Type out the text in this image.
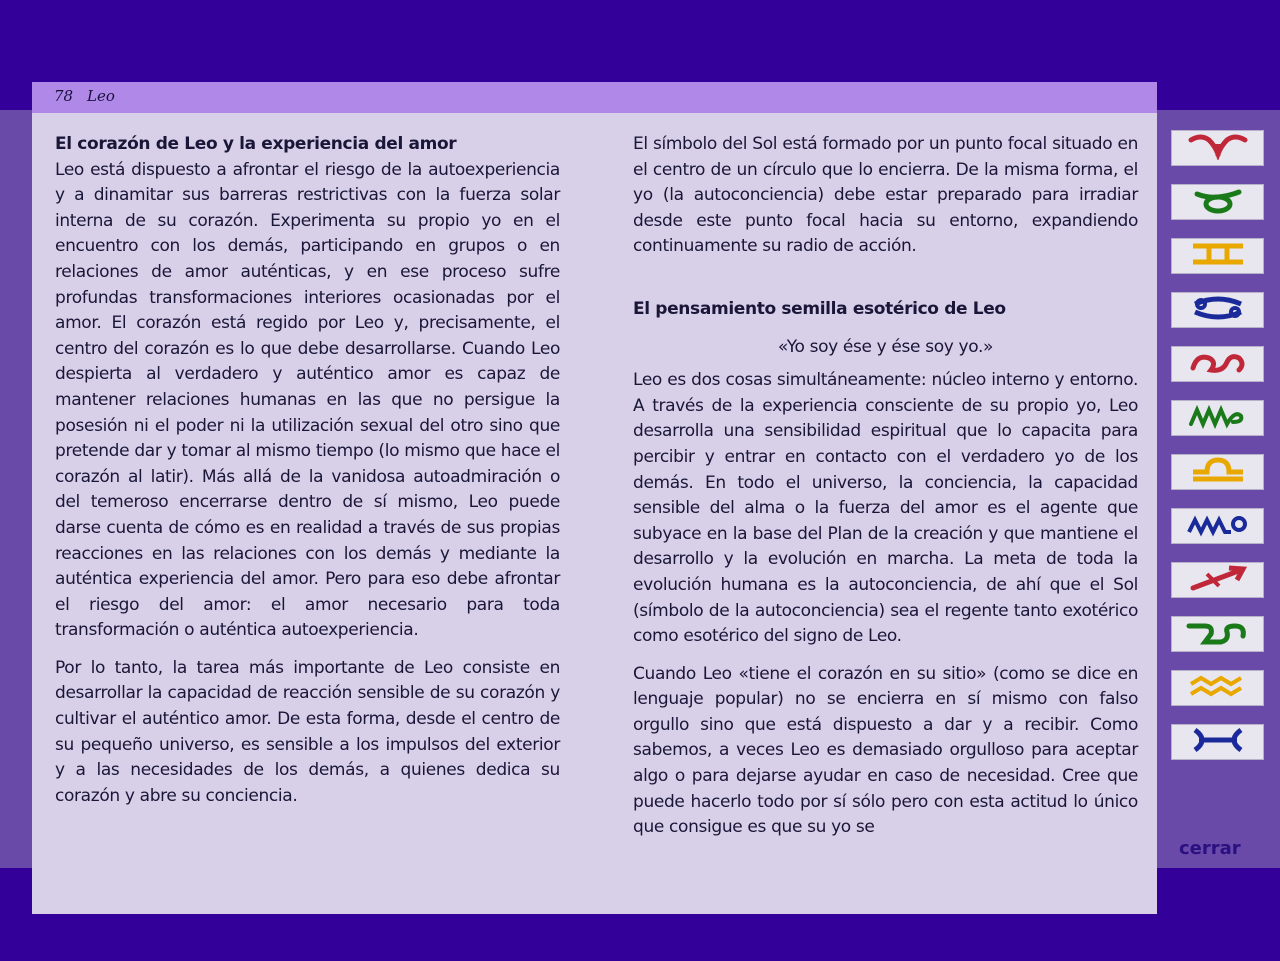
78 Leo
El corazón de Leo y la experiencia del amor

Leo está dispuesto a afrontar el riesgo de la autoexperiencia y a dinamitar sus barreras restrictivas con la fuerza solar interna de su corazón. Experimenta su propio yo en el encuentro con los demás, participando en grupos o en relaciones de amor auténticas, y en ese proceso sufre profundas transformaciones interiores ocasionadas por el amor. El corazón está regido por Leo y, precisamente, el centro del corazón es lo que debe desarrollarse. Cuando Leo despierta al verdadero y auténtico amor es capaz de mantener relaciones humanas en las que no persigue la posesión ni el poder ni la utilización sexual del otro sino que pretende dar y tomar al mismo tiempo (lo mismo que hace el corazón al latir). Más allá de la vanidosa autoadmiración o del temeroso encerrarse dentro de sí mismo, Leo puede darse cuenta de cómo es en realidad a través de sus propias reacciones en las relaciones con los demás y mediante la auténtica experiencia del amor. Pero para eso debe afrontar el riesgo del amor: el amor necesario para toda transformación o auténtica autoexperiencia.

Por lo tanto, la tarea más importante de Leo consiste en desarrollar la capacidad de reacción sensible de su corazón y cultivar el auténtico amor. De esta forma, desde el centro de su pequeño universo, es sensible a los impulsos del exterior y a las necesidades de los demás, a quienes dedica su corazón y abre su conciencia.

El símbolo del Sol está formado por un punto focal situado en el centro de un círculo que lo encierra. De la misma forma, el yo (la autoconciencia) debe estar preparado para irradiar desde este punto focal hacia su entorno, expandiendo continuamente su radio de acción.

El pensamiento semilla esotérico de Leo

«Yo soy ése y ése soy yo.»

Leo es dos cosas simultáneamente: núcleo interno y entorno. A través de la experiencia consciente de su propio yo, Leo desarrolla una sensibilidad espiritual que lo capacita para percibir y entrar en contacto con el verdadero yo de los demás. En todo el universo, la conciencia, la capacidad sensible del alma o la fuerza del amor es el agente que subyace en la base del Plan de la creación y que mantiene el desarrollo y la evolución en marcha. La meta de toda la evolución humana es la autoconciencia, de ahí que el Sol (símbolo de la autoconciencia) sea el regente tanto exotérico como esotérico del signo de Leo.

Cuando Leo «tiene el corazón en su sitio» (como se dice en lenguaje popular) no se encierra en sí mismo con falso orgullo sino que está dispuesto a dar y a recibir. Como sabemos, a veces Leo es demasiado orgulloso para aceptar algo o para dejarse ayudar en caso de necesidad. Cree que puede hacerlo todo por sí sólo pero con esta actitud lo único que consigue es que su yo se

cerrar
